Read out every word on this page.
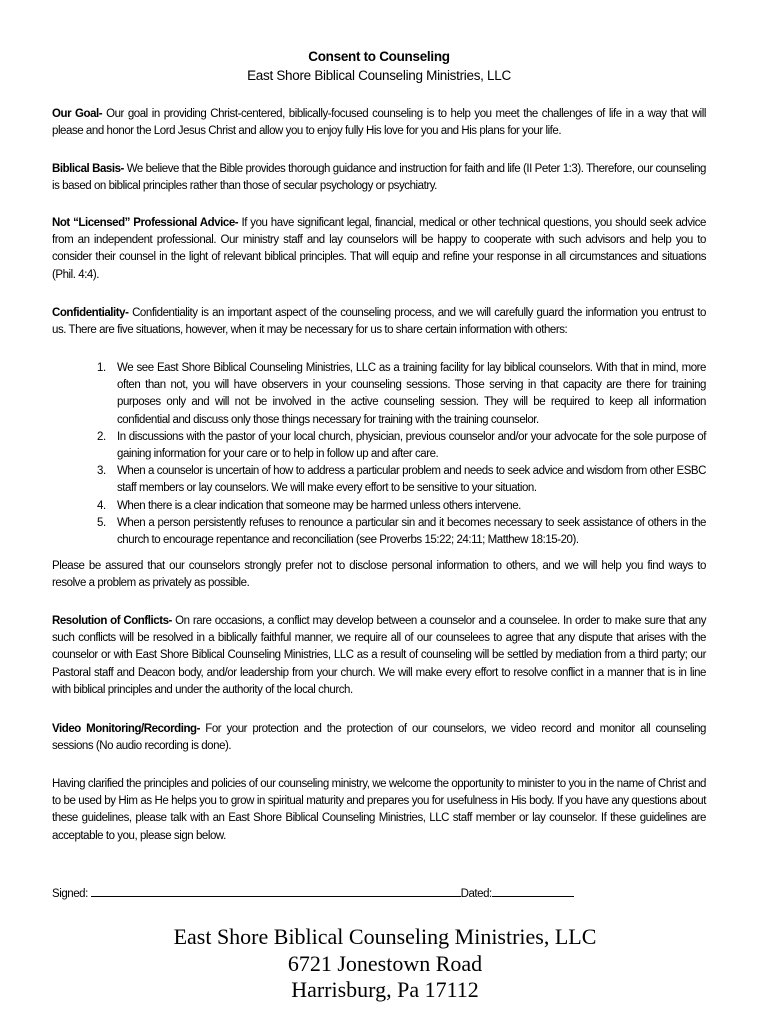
Consent to Counseling
East Shore Biblical Counseling Ministries, LLC

Our Goal- Our goal in providing Christ-centered, biblically-focused counseling is to help you meet the challenges of life in a way that will please and honor the Lord Jesus Christ and allow you to enjoy fully His love for you and His plans for your life.

Biblical Basis- We believe that the Bible provides thorough guidance and instruction for faith and life (II Peter 1:3). Therefore, our counseling is based on biblical principles rather than those of secular psychology or psychiatry.

Not “Licensed” Professional Advice- If you have significant legal, financial, medical or other technical questions, you should seek advice from an independent professional. Our ministry staff and lay counselors will be happy to cooperate with such advisors and help you to consider their counsel in the light of relevant biblical principles. That will equip and refine your response in all circumstances and situations (Phil. 4:4).

Confidentiality- Confidentiality is an important aspect of the counseling process, and we will carefully guard the information you entrust to us. There are five situations, however, when it may be necessary for us to share certain information with others:

1. We see East Shore Biblical Counseling Ministries, LLC as a training facility for lay biblical counselors. With that in mind, more often than not, you will have observers in your counseling sessions. Those serving in that capacity are there for training purposes only and will not be involved in the active counseling session. They will be required to keep all information confidential and discuss only those things necessary for training with the training counselor.
2. In discussions with the pastor of your local church, physician, previous counselor and/or your advocate for the sole purpose of gaining information for your care or to help in follow up and after care.
3. When a counselor is uncertain of how to address a particular problem and needs to seek advice and wisdom from other ESBC staff members or lay counselors. We will make every effort to be sensitive to your situation.
4. When there is a clear indication that someone may be harmed unless others intervene.
5. When a person persistently refuses to renounce a particular sin and it becomes necessary to seek assistance of others in the church to encourage repentance and reconciliation (see Proverbs 15:22; 24:11; Matthew 18:15-20).

Please be assured that our counselors strongly prefer not to disclose personal information to others, and we will help you find ways to resolve a problem as privately as possible.

Resolution of Conflicts- On rare occasions, a conflict may develop between a counselor and a counselee. In order to make sure that any such conflicts will be resolved in a biblically faithful manner, we require all of our counselees to agree that any dispute that arises with the counselor or with East Shore Biblical Counseling Ministries, LLC as a result of counseling will be settled by mediation from a third party; our Pastoral staff and Deacon body, and/or leadership from your church. We will make every effort to resolve conflict in a manner that is in line with biblical principles and under the authority of the local church.

Video Monitoring/Recording- For your protection and the protection of our counselors, we video record and monitor all counseling sessions (No audio recording is done).

Having clarified the principles and policies of our counseling ministry, we welcome the opportunity to minister to you in the name of Christ and to be used by Him as He helps you to grow in spiritual maturity and prepares you for usefulness in His body. If you have any questions about these guidelines, please talk with an East Shore Biblical Counseling Ministries, LLC staff member or lay counselor. If these guidelines are acceptable to you, please sign below.

Signed:	Dated:
East Shore Biblical Counseling Ministries, LLC
6721 Jonestown Road
Harrisburg, Pa 17112
